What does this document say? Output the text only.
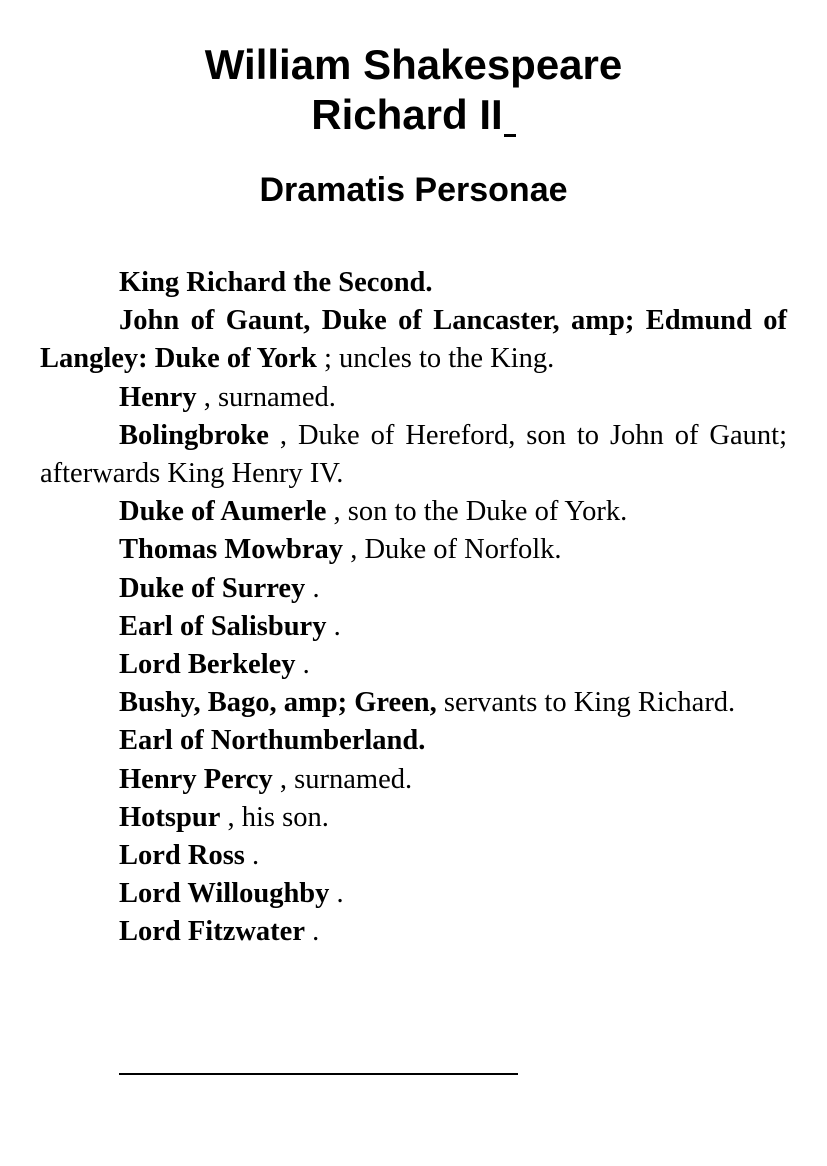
William Shakespeare
Richard II
Dramatis Personae

King Richard the Second.

John of Gaunt, Duke of Lancaster, amp; Edmund of Langley: Duke of York ; uncles to the King.

Henry , surnamed.

Bolingbroke , Duke of Hereford, son to John of Gaunt; afterwards King Henry IV.

Duke of Aumerle , son to the Duke of York.

Thomas Mowbray , Duke of Norfolk.

Duke of Surrey .

Earl of Salisbury .

Lord Berkeley .

Bushy, Bago, amp; Green, servants to King Richard.

Earl of Northumberland.

Henry Percy , surnamed.

Hotspur , his son.

Lord Ross .

Lord Willoughby .

Lord Fitzwater .
